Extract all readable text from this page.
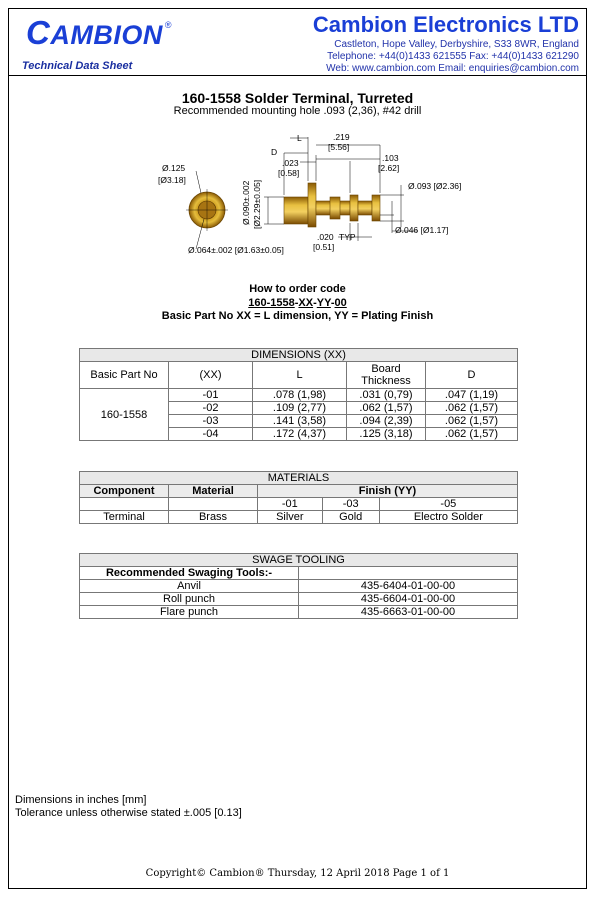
CAMBION ®
Technical Data Sheet
Cambion Electronics LTD
Castleton, Hope Valley, Derbyshire, S33 8WR, England
Telephone: +44(0)1433 621555 Fax: +44(0)1433 621290
Web: www.cambion.com Email: enquiries@cambion.com
160-1558 Solder Terminal, Turreted
Recommended mounting hole .093 (2,36), #42 drill
Ø.125
[Ø3.18]
Ø.064±.002 [Ø1.63±0.05]
Ø.090±.002 [Ø2.29±0.05]
L
D
.219
[5.56]
.023
[0.58]
.103
[2.62]
Ø.093 [Ø2.36]
Ø.046 [Ø1.17]
.020
[0.51]
TYP
How to order code
160-1558-XX-YY-00
Basic Part No XX = L dimension, YY = Plating Finish
DIMENSIONS (XX)				
Basic Part No	(XX)	L	Board Thickness	D
160-1558	-01	.078 (1,98)	.031 (0,79)	.047 (1,19)
	-02	.109 (2,77)	.062 (1,57)	.062 (1,57)
	-03	.141 (3,58)	.094 (2,39)	.062 (1,57)
	-04	.172 (4,37)	.125 (3,18)	.062 (1,57)
MATERIALS				
Component	Material	Finish (YY)		
		-01	-03	-05
Terminal	Brass	Silver	Gold	Electro Solder
SWAGE TOOLING	
Recommended Swaging Tools:-	
Anvil	435-6404-01-00-00
Roll punch	435-6604-01-00-00
Flare punch	435-6663-01-00-00
Dimensions in inches [mm]
Tolerance unless otherwise stated ±.005 [0.13]
Copyright© Cambion® Thursday, 12 April 2018 Page 1 of 1
